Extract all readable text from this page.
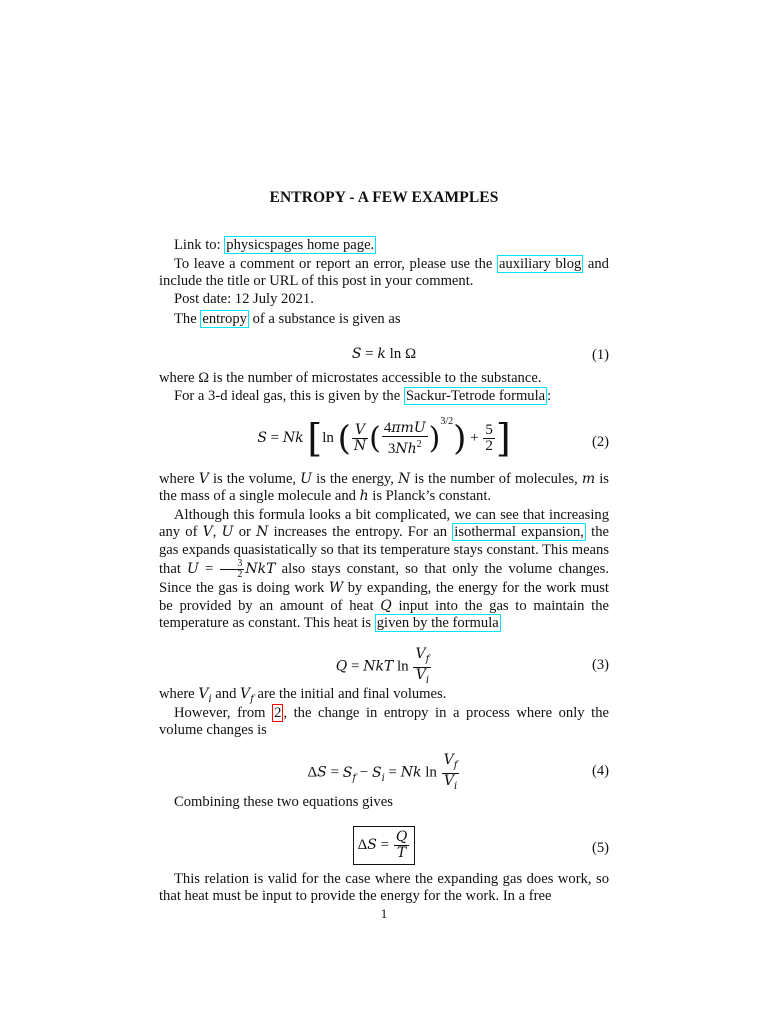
ENTROPY - A FEW EXAMPLES
Link to: physicspages home page.
To leave a comment or report an error, please use the auxiliary blog and include the title or URL of this post in your comment.
Post date: 12 July 2021.
The entropy of a substance is given as
S = k ln Ω	(1)
where Ω is the number of microstates accessible to the substance.
For a 3-d ideal gas, this is given by the Sackur-Tetrode formula :
S = Nk [ln ( $\frac{V}{N}$ ( $\frac{\text{4πmU}}{3Nh^2} )^{3/2}) + \frac{5}{2}$ ]	(2)
where V is the volume, U is the energy, N is the number of molecules, m is the mass of a single molecule and h is Planck’s constant.
Although this formula looks a bit complicated, we can see that increasing any of V, U or N increases the entropy. For an isothermal expansion, the gas expands quasistatically so that its temperature stays constant. This means that $U = \frac{3}{2}$ NkT also stays constant, so that only the volume changes. Since the gas is doing work W by expanding, the energy for the work must be provided by an amount of heat Q input into the gas to maintain the temperature as constant. This heat is given by the formula
Q = NkT $\ln \frac{V_f}{V_i}$	(3)
where $V_i$ and $V_f$ are the initial and final volumes.
However, from 2 , the change in entropy in a process where only the volume changes is
$\Delta S = S_f - S_i = Nk$ $\ln \frac{V_f}{V_i}$	(4)
Combining these two equations gives
$\Delta S = \frac{Q}{T}$	(5)
This relation is valid for the case where the expanding gas does work, so that heat must be input to provide the energy for the work. In a free
1
